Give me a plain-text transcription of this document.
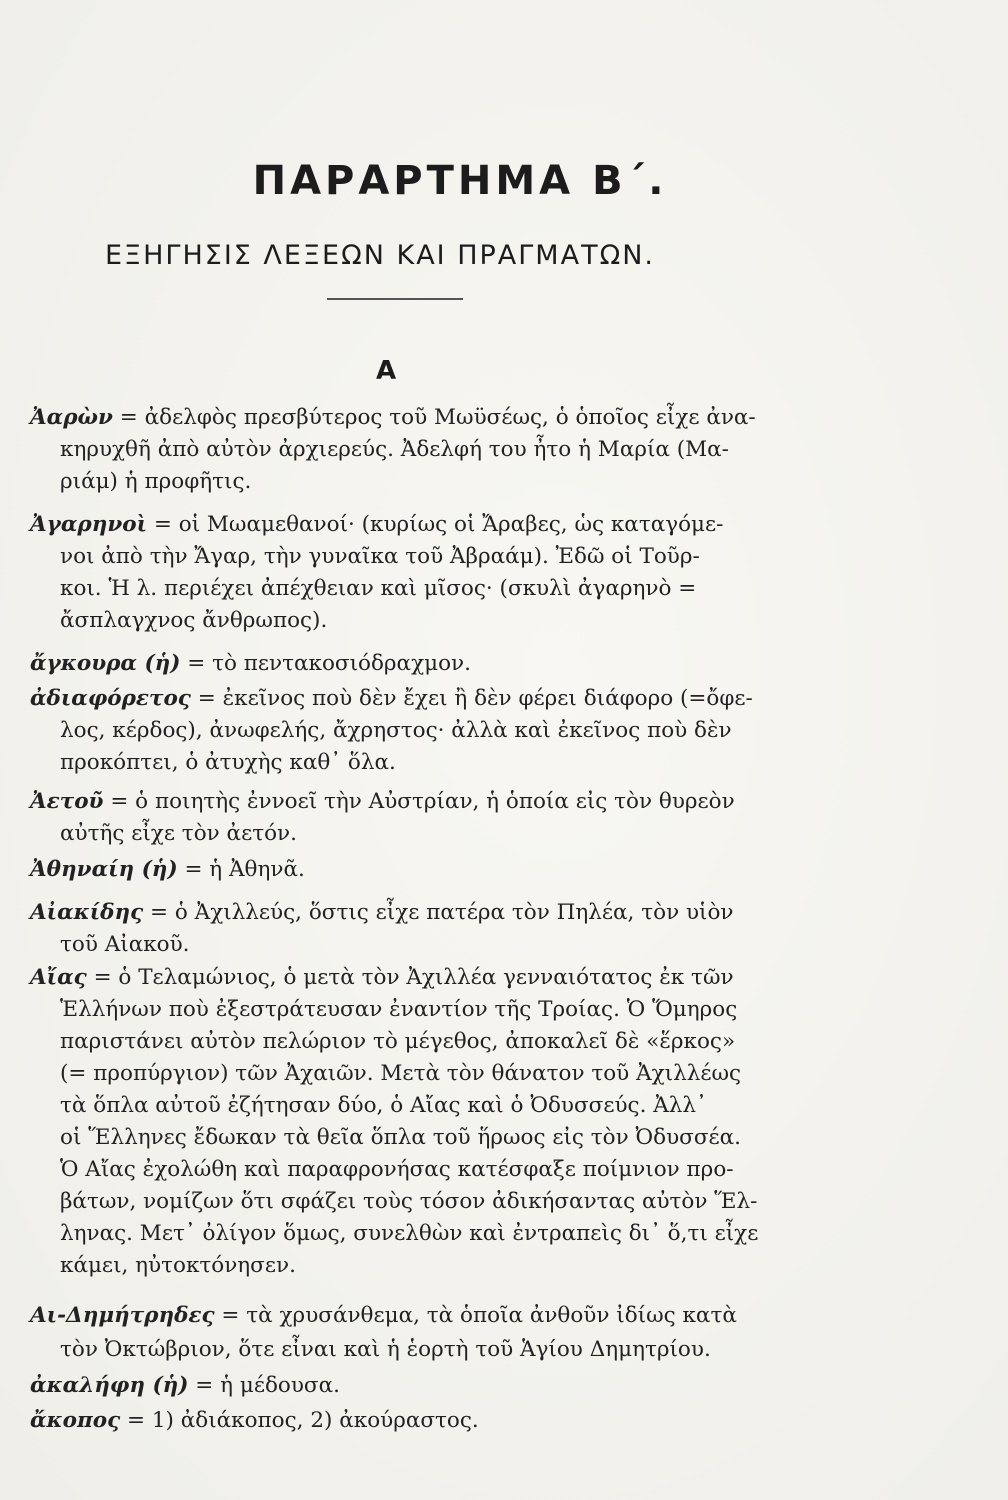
ΠΑΡΑΡΤΗΜΑ Β΄.
ΕΞΗΓΗΣΙΣ ΛΕΞΕΩΝ ΚΑΙ ΠΡΑΓΜΑΤΩΝ.
Α
Ἀαρὼν = ἀδελφὸς πρεσβύτερος τοῦ Μωϋσέως, ὁ ὁποῖος εἶχε ἀνα-
κηρυχθῆ ἀπὸ αὐτὸν ἀρχιερεύς. Ἀδελφή του ἦτο ἡ Μαρία (Μα-
ριάμ) ἡ προφῆτις.
Ἀγαρηνοὶ = οἱ Μωαμεθανοί· (κυρίως οἱ Ἄραβες, ὡς καταγόμε-
νοι ἀπὸ τὴν Ἄγαρ, τὴν γυναῖκα τοῦ Ἀβραάμ). Ἐδῶ οἱ Τοῦρ-
κοι. Ἡ λ. περιέχει ἀπέχθειαν καὶ μῖσος· (σκυλὶ ἀγαρηνὸ =
ἄσπλαγχνος ἄνθρωπος).
ἄγκουρα (ἡ) = τὸ πεντακοσιόδραχμον.
ἀδιαφόρετος = ἐκεῖνος ποὺ δὲν ἔχει ἢ δὲν φέρει διάφορο (=ὄφε-
λος, κέρδος), ἀνωφελής, ἄχρηστος· ἀλλὰ καὶ ἐκεῖνος ποὺ δὲν
προκόπτει, ὁ ἀτυχὴς καθ᾽ ὅλα.
Ἀετοῦ = ὁ ποιητὴς ἐννοεῖ τὴν Αὐστρίαν, ἡ ὁποία εἰς τὸν θυρεὸν
αὐτῆς εἶχε τὸν ἀετόν.
Ἀθηναίη (ἡ) = ἡ Ἀθηνᾶ.
Αἰακίδης = ὁ Ἀχιλλεύς, ὅστις εἶχε πατέρα τὸν Πηλέα, τὸν υἱὸν
τοῦ Αἰακοῦ.
Αἴας = ὁ Τελαμώνιος, ὁ μετὰ τὸν Ἀχιλλέα γενναιότατος ἐκ τῶν
Ἑλλήνων ποὺ ἐξεστράτευσαν ἐναντίον τῆς Τροίας. Ὁ Ὅμηρος
παριστάνει αὐτὸν πελώριον τὸ μέγεθος, ἀποκαλεῖ δὲ «ἕρκος»
(= προπύργιον) τῶν Ἀχαιῶν. Μετὰ τὸν θάνατον τοῦ Ἀχιλλέως
τὰ ὅπλα αὐτοῦ ἐζήτησαν δύο, ὁ Αἴας καὶ ὁ Ὀδυσσεύς. Ἀλλ᾽
οἱ Ἕλληνες ἔδωκαν τὰ θεῖα ὅπλα τοῦ ἥρωος εἰς τὸν Ὀδυσσέα.
Ὁ Αἴας ἐχολώθη καὶ παραφρονήσας κατέσφαξε ποίμνιον προ-
βάτων, νομίζων ὅτι σφάζει τοὺς τόσον ἀδικήσαντας αὐτὸν Ἕλ-
ληνας. Μετ᾽ ὀλίγον ὅμως, συνελθὼν καὶ ἐντραπεὶς δι᾽ ὅ,τι εἶχε
κάμει, ηὐτοκτόνησεν.
Αι-Δημήτρηδες = τὰ χρυσάνθεμα, τὰ ὁποῖα ἀνθοῦν ἰδίως κατὰ
τὸν Ὀκτώβριον, ὅτε εἶναι καὶ ἡ ἑορτὴ τοῦ Ἁγίου Δημητρίου.
ἀκαλήφη (ἡ) = ἡ μέδουσα.
ἄκοπος = 1) ἀδιάκοπος, 2) ἀκούραστος.
